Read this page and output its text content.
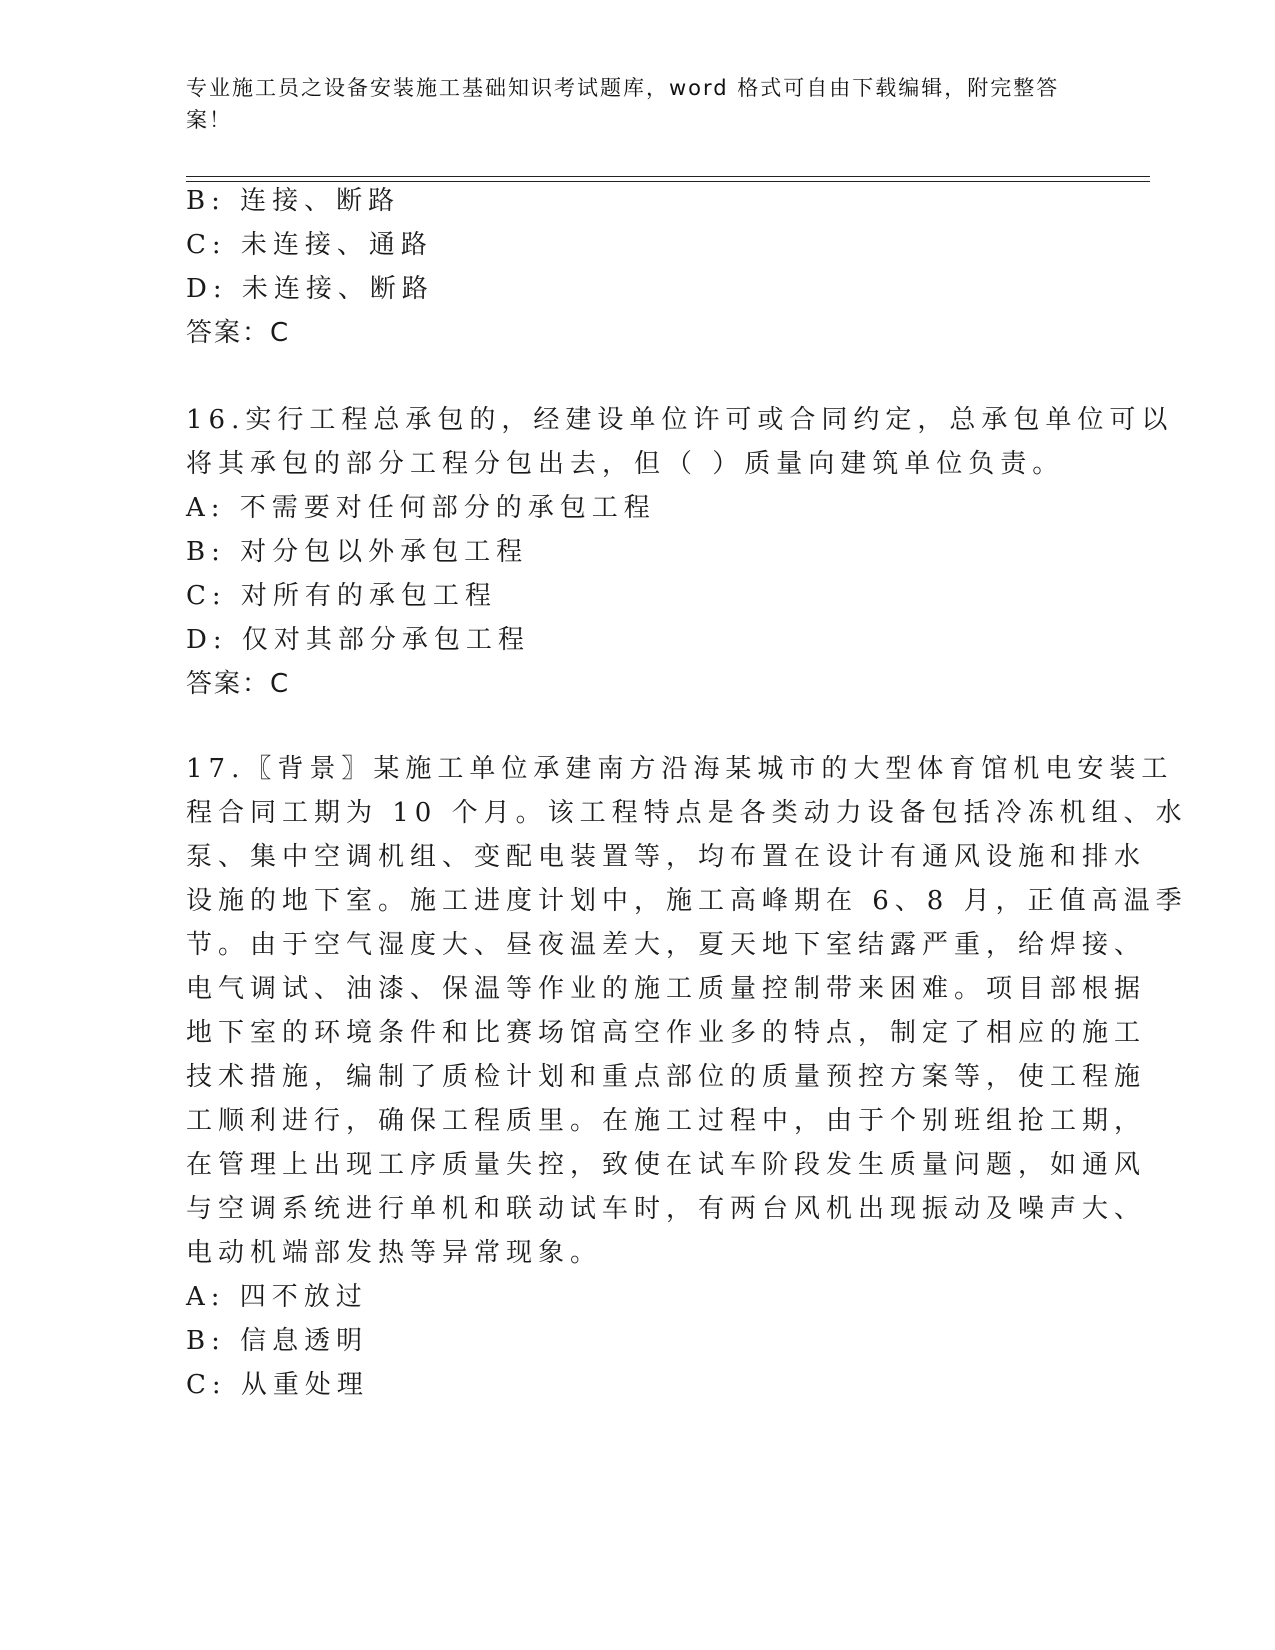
专业施工员之设备安装施工基础知识考试题库，word 格式可自由下载编辑，附完整答案！
B: 连接、断路
C: 未连接、通路
D: 未连接、断路
答案：C
16.实行工程总承包的，经建设单位许可或合同约定，总承包单位可以
将其承包的部分工程分包出去，但（ ）质量向建筑单位负责。
A: 不需要对任何部分的承包工程
B: 对分包以外承包工程
C: 对所有的承包工程
D: 仅对其部分承包工程
答案：C
17.〖背景〗某施工单位承建南方沿海某城市的大型体育馆机电安装工
程合同工期为 10 个月。该工程特点是各类动力设备包括冷冻机组、水
泵、集中空调机组、变配电装置等，均布置在设计有通风设施和排水
设施的地下室。施工进度计划中，施工高峰期在 6、8 月，正值高温季
节。由于空气湿度大、昼夜温差大，夏天地下室结露严重，给焊接、
电气调试、油漆、保温等作业的施工质量控制带来困难。项目部根据
地下室的环境条件和比赛场馆高空作业多的特点，制定了相应的施工
技术措施，编制了质检计划和重点部位的质量预控方案等，使工程施
工顺利进行，确保工程质里。在施工过程中，由于个别班组抢工期，
在管理上出现工序质量失控，致使在试车阶段发生质量问题，如通风
与空调系统进行单机和联动试车时，有两台风机出现振动及噪声大、
电动机端部发热等异常现象。
A: 四不放过
B: 信息透明
C: 从重处理
